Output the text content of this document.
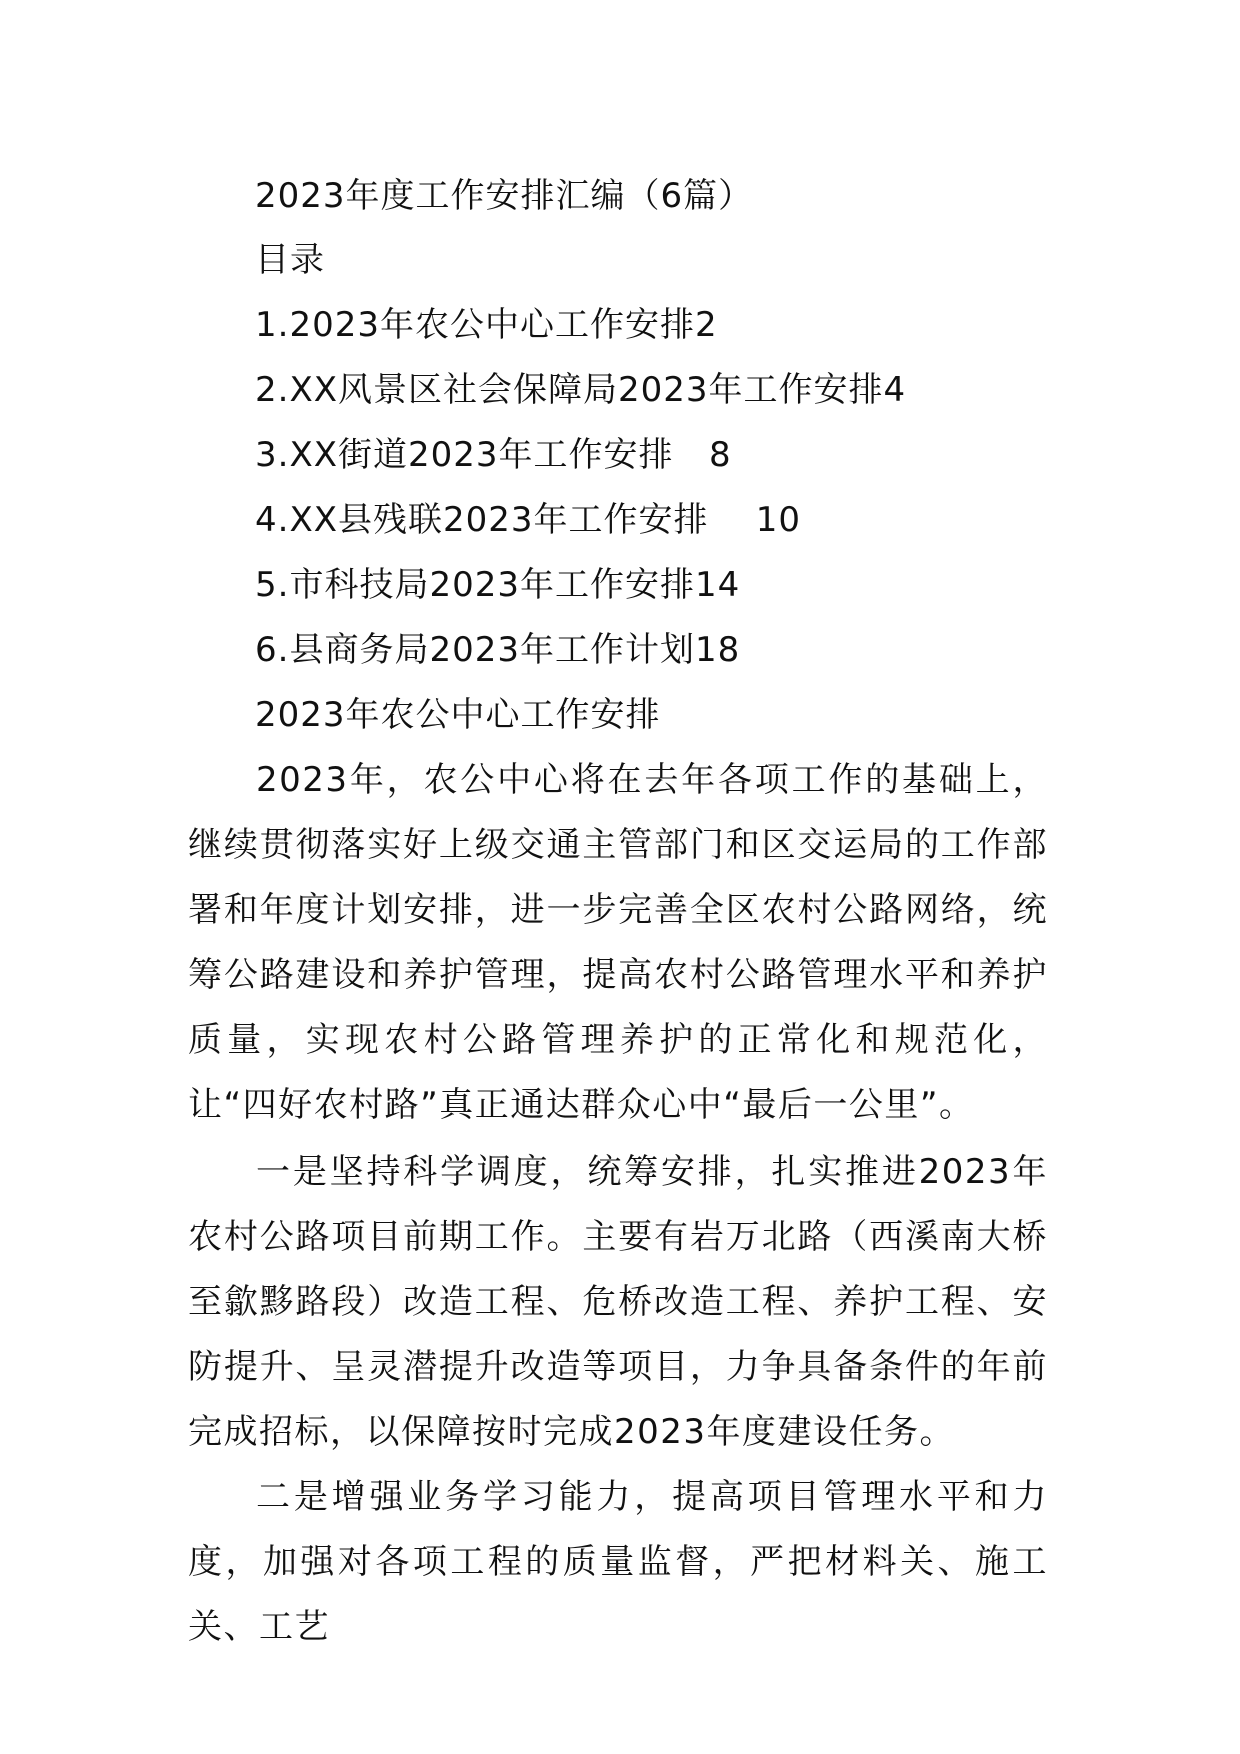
2023年度工作安排汇编（6篇）
目录
1.2023年农公中心工作安排2
2.XX风景区社会保障局2023年工作安排4
3.XX街道2023年工作安排   8
4.XX县残联2023年工作安排    10
5.市科技局2023年工作安排14
6.县商务局2023年工作计划18
2023年农公中心工作安排

2023年，农公中心将在去年各项工作的基础上，继续贯彻落实好上级交通主管部门和区交运局的工作部署和年度计划安排，进一步完善全区农村公路网络，统筹公路建设和养护管理，提高农村公路管理水平和养护质量，实现农村公路管理养护的正常化和规范化，让“四好农村路”真正通达群众心中“最后一公里”。

一是坚持科学调度，统筹安排，扎实推进2023年农村公路项目前期工作。主要有岩万北路（西溪南大桥至歙黟路段）改造工程、危桥改造工程、养护工程、安防提升、呈灵潜提升改造等项目，力争具备条件的年前完成招标，以保障按时完成2023年度建设任务。

二是增强业务学习能力，提高项目管理水平和力度，加强对各项工程的质量监督，严把材料关、施工关、工艺
